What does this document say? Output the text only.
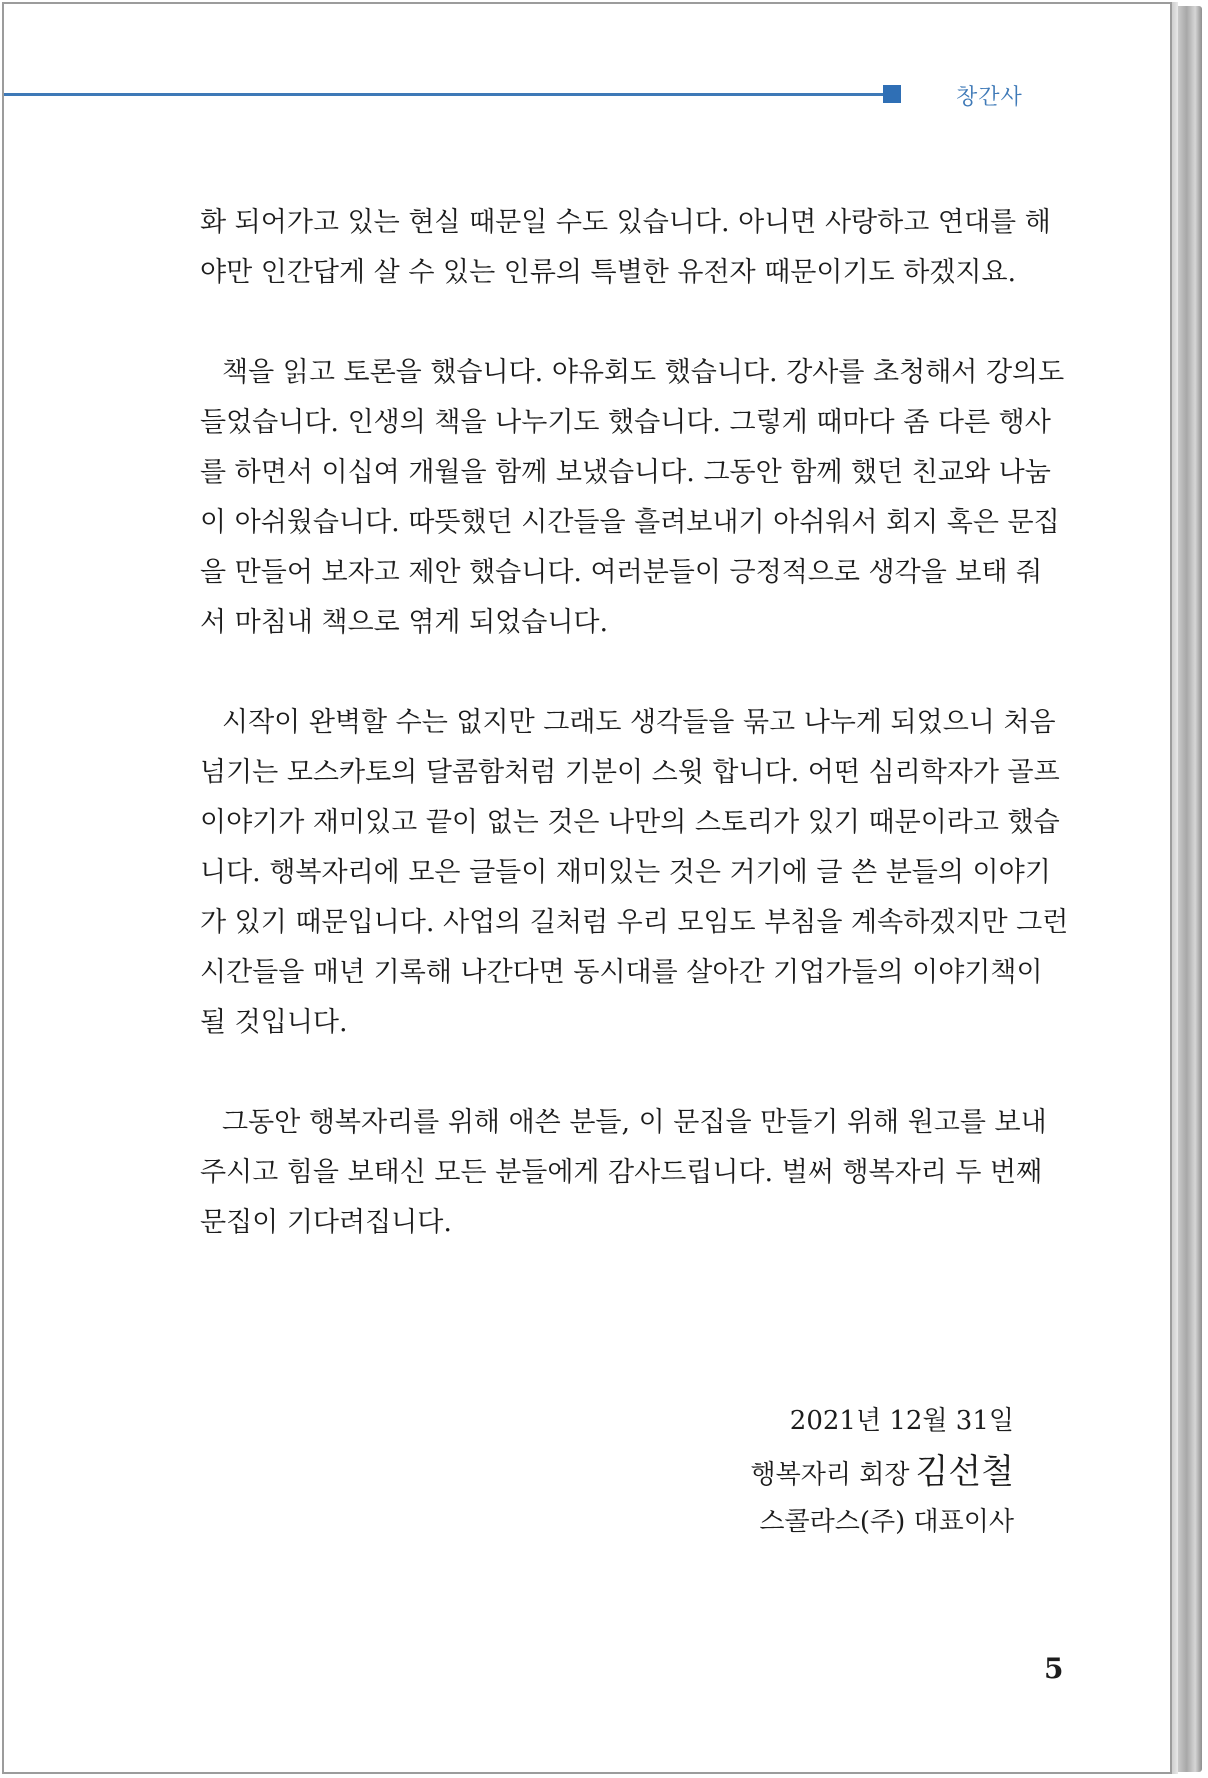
창간사

화 되어가고 있는 현실 때문일 수도 있습니다. 아니면 사랑하고 연대를 해
야만 인간답게 살 수 있는 인류의 특별한 유전자 때문이기도 하겠지요.

책을 읽고 토론을 했습니다. 야유회도 했습니다. 강사를 초청해서 강의도
들었습니다. 인생의 책을 나누기도 했습니다. 그렇게 때마다 좀 다른 행사
를 하면서 이십여 개월을 함께 보냈습니다. 그동안 함께 했던 친교와 나눔
이 아쉬웠습니다. 따뜻했던 시간들을 흘려보내기 아쉬워서 회지 혹은 문집
을 만들어 보자고 제안 했습니다. 여러분들이 긍정적으로 생각을 보태 줘
서 마침내 책으로 엮게 되었습니다.

시작이 완벽할 수는 없지만 그래도 생각들을 묶고 나누게 되었으니 처음
넘기는 모스카토의 달콤함처럼 기분이 스윗 합니다. 어떤 심리학자가 골프
이야기가 재미있고 끝이 없는 것은 나만의 스토리가 있기 때문이라고 했습
니다. 행복자리에 모은 글들이 재미있는 것은 거기에 글 쓴 분들의 이야기
가 있기 때문입니다. 사업의 길처럼 우리 모임도 부침을 계속하겠지만 그런
시간들을 매년 기록해 나간다면 동시대를 살아간 기업가들의 이야기책이
될 것입니다.

그동안 행복자리를 위해 애쓴 분들, 이 문집을 만들기 위해 원고를 보내
주시고 힘을 보태신 모든 분들에게 감사드립니다. 벌써 행복자리 두 번째
문집이 기다려집니다.

2021년 12월 31일
행복자리 회장 김선철
스콜라스(주) 대표이사
5
